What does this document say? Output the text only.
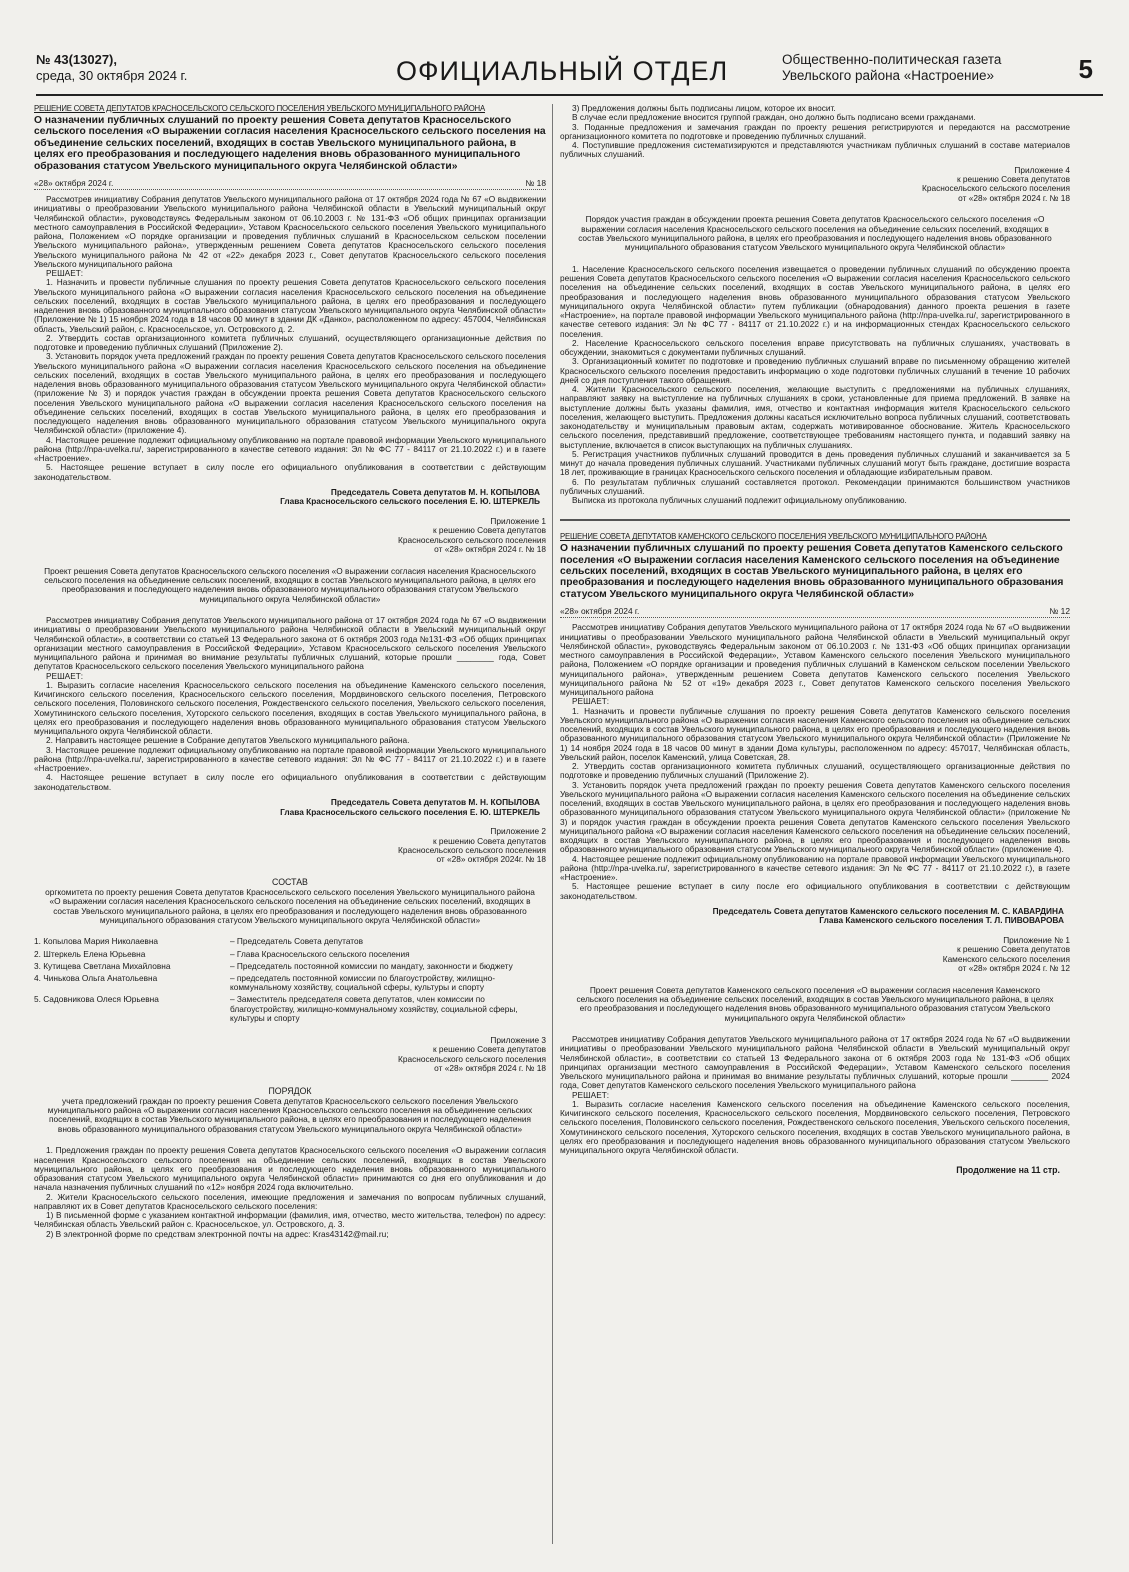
№ 43(13027),
среда, 30 октября 2024 г.	ОФИЦИАЛЬНЫЙ ОТДЕЛ	Общественно-политическая газета
Увельского района «Настроение»	5
РЕШЕНИЕ СОВЕТА ДЕПУТАТОВ КРАСНОСЕЛЬСКОГО СЕЛЬСКОГО ПОСЕЛЕНИЯ УВЕЛЬСКОГО МУНИЦИПАЛЬНОГО РАЙОНА
О назначении публичных слушаний по проекту решения Совета депутатов Красносельского сельского поселения «О выражении согласия населения Красносельского сельского поселения на объединение сельских поселений, входящих в состав Увельского муниципального района, в целях его преобразования и последующего наделения вновь образованного муниципального образования статусом Увельского муниципального округа Челябинской области»
«28» октября 2024 г.	№ 18

Рассмотрев инициативу Собрания депутатов Увельского муниципального района от 17 октября 2024 года № 67 «О выдвижении инициативы о преобразовании Увельского муниципального района Челябинской области в Увельский муниципальный округ Челябинской области», руководствуясь Федеральным законом от 06.10.2003 г. № 131-ФЗ «Об общих принципах организации местного самоуправления в Российской Федерации», Уставом Красносельского сельского поселения Увельского муниципального района, Положением «О порядке организации и проведения публичных слушаний в Красносельском сельском поселении Увельского муниципального района», утвержденным решением Совета депутатов Красносельского сельского поселения Увельского муниципального района № 42 от «22» декабря 2023 г., Совет депутатов Красносельского сельского поселения Увельского муниципального района

РЕШАЕТ:

1. Назначить и провести публичные слушания по проекту решения Совета депутатов Красносельского сельского поселения Увельского муниципального района «О выражении согласия населения Красносельского сельского поселения на объединение сельских поселений, входящих в состав Увельского муниципального района, в целях его преобразования и последующего наделения вновь образованного муниципального образования статусом Увельского муниципального округа Челябинской области» (Приложение № 1) 15 ноября 2024 года в 18 часов 00 минут в здании ДК «Данко», расположенном по адресу: 457004, Челябинская область, Увельский район, с. Красносельское, ул. Островского д. 2.

2. Утвердить состав организационного комитета публичных слушаний, осуществляющего организационные действия по подготовке и проведению публичных слушаний (Приложение 2).

3. Установить порядок учета предложений граждан по проекту решения Совета депутатов Красносельского сельского поселения Увельского муниципального района «О выражении согласия населения Красносельского сельского поселения на объединение сельских поселений, входящих в состав Увельского муниципального района, в целях его преобразования и последующего наделения вновь образованного муниципального образования статусом Увельского муниципального округа Челябинской области» (приложение № 3) и порядок участия граждан в обсуждении проекта решения Совета депутатов Красносельского сельского поселения Увельского муниципального района «О выражении согласия населения Красносельского сельского поселения на объединение сельских поселений, входящих в состав Увельского муниципального района, в целях его преобразования и последующего наделения вновь образованного муниципального образования статусом Увельского муниципального округа Челябинской области» (приложение 4).

4. Настоящее решение подлежит официальному опубликованию на портале правовой информации Увельского муниципального района (http://npa-uvelka.ru/, зарегистрированного в качестве сетевого издания: Эл № ФС 77 - 84117 от 21.10.2022 г.) и в газете «Настроение».

5. Настоящее решение вступает в силу после его официального опубликования в соответствии с действующим законодательством.

Председатель Совета депутатов М. Н. КОПЫЛОВА
Глава Красносельского сельского поселения Е. Ю. ШТЕРКЕЛЬ
Приложение 1
к решению Совета депутатов
Красносельского сельского поселения
от «28» октября 2024 г. № 18
Проект решения Совета депутатов Красносельского сельского поселения «О выражении согласия населения Красносельского сельского поселения на объединение сельских поселений, входящих в состав Увельского муниципального района, в целях его преобразования и последующего наделения вновь образованного муниципального образования статусом Увельского муниципального округа Челябинской области»

Рассмотрев инициативу Собрания депутатов Увельского муниципального района от 17 октября 2024 года № 67 «О выдвижении инициативы о преобразовании Увельского муниципального района Челябинской области в Увельский муниципальный округ Челябинской области», в соответствии со статьей 13 Федерального закона от 6 октября 2003 года №131-ФЗ «Об общих принципах организации местного самоуправления в Российской Федерации», Уставом Красносельского сельского поселения Увельского муниципального района и принимая во внимание результаты публичных слушаний, которые прошли ________ года, Совет депутатов Красносельского сельского поселения Увельского муниципального района

РЕШАЕТ:

1. Выразить согласие населения Красносельского сельского поселения на объединение Каменского сельского поселения, Кичигинского сельского поселения, Красносельского сельского поселения, Мордвиновского сельского поселения, Петровского сельского поселения, Половинского сельского поселения, Рождественского сельского поселения, Увельского сельского поселения, Хомутининского сельского поселения, Хуторского сельского поселения, входящих в состав Увельского муниципального района, в целях его преобразования и последующего наделения вновь образованного муниципального образования статусом Увельского муниципального округа Челябинской области.

2. Направить настоящее решение в Собрание депутатов Увельского муниципального района.

3. Настоящее решение подлежит официальному опубликованию на портале правовой информации Увельского муниципального района (http://npa-uvelka.ru/, зарегистрированного в качестве сетевого издания: Эл № ФС 77 - 84117 от 21.10.2022 г.) и в газете «Настроение».

4. Настоящее решение вступает в силу после его официального опубликования в соответствии с действующим законодательством.

Председатель Совета депутатов М. Н. КОПЫЛОВА
Глава Красносельского сельского поселения Е. Ю. ШТЕРКЕЛЬ
Приложение 2
к решению Совета депутатов
Красносельского сельского поселения
от «28» октября 2024г. № 18
СОСТАВ
оргкомитета по проекту решения Совета депутатов Красносельского сельского поселения Увельского муниципального района «О выражении согласия населения Красносельского сельского поселения на объединение сельских поселений, входящих в состав Увельского муниципального района, в целях его преобразования и последующего наделения вновь образованного муниципального образования статусом Увельского муниципального округа Челябинской области»
1. Копылова Мария Николаевна	– Председатель Совета депутатов
2. Штеркель Елена Юрьевна	– Глава Красносельского сельского поселения
3. Кутищева Светлана Михайловна	– Председатель постоянной комиссии по мандату, законности и бюджету
4. Чинькова Ольга Анатольевна	– председатель постоянной комиссии по благоустройству, жилищно-коммунальному хозяйству, социальной сферы, культуры и спорту
5. Садовникова Олеся Юрьевна	– Заместитель председателя совета депутатов, член комиссии по благоустройству, жилищно-коммунальному хозяйству, социальной сферы, культуры и спорту
Приложение 3
к решению Совета депутатов
Красносельского сельского поселения
от «28» октября 2024 г. № 18
ПОРЯДОК
учета предложений граждан по проекту решения Совета депутатов Красносельского сельского поселения Увельского муниципального района «О выражении согласия населения Красносельского сельского поселения на объединение сельских поселений, входящих в состав Увельского муниципального района, в целях его преобразования и последующего наделения вновь образованного муниципального образования статусом Увельского муниципального округа Челябинской области»

1. Предложения граждан по проекту решения Совета депутатов Красносельского сельского поселения «О выражении согласия населения Красносельского сельского поселения на объединение сельских поселений, входящих в состав Увельского муниципального района, в целях его преобразования и последующего наделения вновь образованного муниципального образования статусом Увельского муниципального округа Челябинской области» принимаются со дня его опубликования и до начала назначения публичных слушаний по «12» ноября 2024 года включительно.

2. Жители Красносельского сельского поселения, имеющие предложения и замечания по вопросам публичных слушаний, направляют их в Совет депутатов Красносельского сельского поселения:

1) В письменной форме с указанием контактной информации (фамилия, имя, отчество, место жительства, телефон) по адресу: Челябинская область Увельский район с. Красносельское, ул. Островского, д. 3.

2) В электронной форме по средствам электронной почты на адрес: Kras43142@mail.ru;

3) Предложения должны быть подписаны лицом, которое их вносит.

В случае если предложение вносится группой граждан, оно должно быть подписано всеми гражданами.

3. Поданные предложения и замечания граждан по проекту решения регистрируются и передаются на рассмотрение организационного комитета по подготовке и проведению публичных слушаний.

4. Поступившие предложения систематизируются и представляются участникам публичных слушаний в составе материалов публичных слушаний.

Приложение 4
к решению Совета депутатов
Красносельского сельского поселения
от «28» октября 2024 г. № 18
Порядок участия граждан в обсуждении проекта решения Совета депутатов Красносельского сельского поселения «О выражении согласия населения Красносельского сельского поселения на объединение сельских поселений, входящих в состав Увельского муниципального района, в целях его преобразования и последующего наделения вновь образованного муниципального образования статусом Увельского муниципального округа Челябинской области»

1. Население Красносельского сельского поселения извещается о проведении публичных слушаний по обсуждению проекта решения Совета депутатов Красносельского сельского поселения «О выражении согласия населения Красносельского сельского поселения на объединение сельских поселений, входящих в состав Увельского муниципального района, в целях его преобразования и последующего наделения вновь образованного муниципального образования статусом Увельского муниципального округа Челябинской области» путем публикации (обнародования) данного проекта решения в газете «Настроение», на портале правовой информации Увельского муниципального района (http://npa-uvelka.ru/, зарегистрированного в качестве сетевого издания: Эл № ФС 77 - 84117 от 21.10.2022 г.) и на информационных стендах Красносельского сельского поселения.

2. Население Красносельского сельского поселения вправе присутствовать на публичных слушаниях, участвовать в обсуждении, знакомиться с документами публичных слушаний.

3. Организационный комитет по подготовке и проведению публичных слушаний вправе по письменному обращению жителей Красносельского сельского поселения предоставить информацию о ходе подготовки публичных слушаний в течение 10 рабочих дней со дня поступления такого обращения.

4. Жители Красносельского сельского поселения, желающие выступить с предложениями на публичных слушаниях, направляют заявку на выступление на публичных слушаниях в сроки, установленные для приема предложений. В заявке на выступление должны быть указаны фамилия, имя, отчество и контактная информация жителя Красносельского сельского поселения, желающего выступить. Предложения должны касаться исключительно вопроса публичных слушаний, соответствовать законодательству и муниципальным правовым актам, содержать мотивированное обоснование. Житель Красносельского сельского поселения, представивший предложение, соответствующее требованиям настоящего пункта, и подавший заявку на выступление, включается в список выступающих на публичных слушаниях.

5. Регистрация участников публичных слушаний проводится в день проведения публичных слушаний и заканчивается за 5 минут до начала проведения публичных слушаний. Участниками публичных слушаний могут быть граждане, достигшие возраста 18 лет, проживающие в границах Красносельского сельского поселения и обладающие избирательным правом.

6. По результатам публичных слушаний составляется протокол. Рекомендации принимаются большинством участников публичных слушаний.

Выписка из протокола публичных слушаний подлежит официальному опубликованию.

РЕШЕНИЕ СОВЕТА ДЕПУТАТОВ КАМЕНСКОГО СЕЛЬСКОГО ПОСЕЛЕНИЯ УВЕЛЬСКОГО МУНИЦИПАЛЬНОГО РАЙОНА
О назначении публичных слушаний по проекту решения Совета депутатов Каменского сельского поселения «О выражении согласия населения Каменского сельского поселения на объединение сельских поселений, входящих в состав Увельского муниципального района, в целях его преобразования и последующего наделения вновь образованного муниципального образования статусом Увельского муниципального округа Челябинской области»
«28» октября 2024 г.	№ 12

Рассмотрев инициативу Собрания депутатов Увельского муниципального района от 17 октября 2024 года № 67 «О выдвижении инициативы о преобразовании Увельского муниципального района Челябинской области в Увельский муниципальный округ Челябинской области», руководствуясь Федеральным законом от 06.10.2003 г. № 131-ФЗ «Об общих принципах организации местного самоуправления в Российской Федерации», Уставом Каменского сельского поселения Увельского муниципального района, Положением «О порядке организации и проведения публичных слушаний в Каменском сельском поселении Увельского муниципального района», утвержденным решением Совета депутатов Каменского сельского поселения Увельского муниципального района № 52 от «19» декабря 2023 г., Совет депутатов Каменского сельского поселения Увельского муниципального района

РЕШАЕТ:

1. Назначить и провести публичные слушания по проекту решения Совета депутатов Каменского сельского поселения Увельского муниципального района «О выражении согласия населения Каменского сельского поселения на объединение сельских поселений, входящих в состав Увельского муниципального района, в целях его преобразования и последующего наделения вновь образованного муниципального образования статусом Увельского муниципального округа Челябинской области» (Приложение № 1) 14 ноября 2024 года в 18 часов 00 минут в здании Дома культуры, расположенном по адресу: 457017, Челябинская область, Увельский район, поселок Каменский, улица Советская, 28.

2. Утвердить состав организационного комитета публичных слушаний, осуществляющего организационные действия по подготовке и проведению публичных слушаний (Приложение 2).

3. Установить порядок учета предложений граждан по проекту решения Совета депутатов Каменского сельского поселения Увельского муниципального района «О выражении согласия населения Каменского сельского поселения на объединение сельских поселений, входящих в состав Увельского муниципального района, в целях его преобразования и последующего наделения вновь образованного муниципального образования статусом Увельского муниципального округа Челябинской области» (приложение № 3) и порядок участия граждан в обсуждении проекта решения Совета депутатов Каменского сельского поселения Увельского муниципального района «О выражении согласия населения Каменского сельского поселения на объединение сельских поселений, входящих в состав Увельского муниципального района, в целях его преобразования и последующего наделения вновь образованного муниципального образования статусом Увельского муниципального округа Челябинской области» (приложение 4).

4. Настоящее решение подлежит официальному опубликованию на портале правовой информации Увельского муниципального района (http://npa-uvelka.ru/, зарегистрированного в качестве сетевого издания: Эл № ФС 77 - 84117 от 21.10.2022 г.), в газете «Настроение».

5. Настоящее решение вступает в силу после его официального опубликования в соответствии с действующим законодательством.

Председатель Совета депутатов Каменского сельского поселения М. С. КАВАРДИНА
Глава Каменского сельского поселения Т. Л. ПИВОВАРОВА
Приложение № 1
к решению Совета депутатов
Каменского сельского поселения
от «28» октября 2024 г. № 12
Проект решения Совета депутатов Каменского сельского поселения «О выражении согласия населения Каменского сельского поселения на объединение сельских поселений, входящих в состав Увельского муниципального района, в целях его преобразования и последующего наделения вновь образованного муниципального образования статусом Увельского муниципального округа Челябинской области»

Рассмотрев инициативу Собрания депутатов Увельского муниципального района от 17 октября 2024 года № 67 «О выдвижении инициативы о преобразовании Увельского муниципального района Челябинской области в Увельский муниципальный округ Челябинской области», в соответствии со статьей 13 Федерального закона от 6 октября 2003 года № 131-ФЗ «Об общих принципах организации местного самоуправления в Российской Федерации», Уставом Каменского сельского поселения Увельского муниципального района и принимая во внимание результаты публичных слушаний, которые прошли ________ 2024 года, Совет депутатов Каменского сельского поселения Увельского муниципального района

РЕШАЕТ:

1. Выразить согласие населения Каменского сельского поселения на объединение Каменского сельского поселения, Кичигинского сельского поселения, Красносельского сельского поселения, Мордвиновского сельского поселения, Петровского сельского поселения, Половинского сельского поселения, Рождественского сельского поселения, Увельского сельского поселения, Хомутининского сельского поселения, Хуторского сельского поселения, входящих в состав Увельского муниципального района, в целях его преобразования и последующего наделения вновь образованного муниципального образования статусом Увельского муниципального округа Челябинской области.

Продолжение на 11 стр.
